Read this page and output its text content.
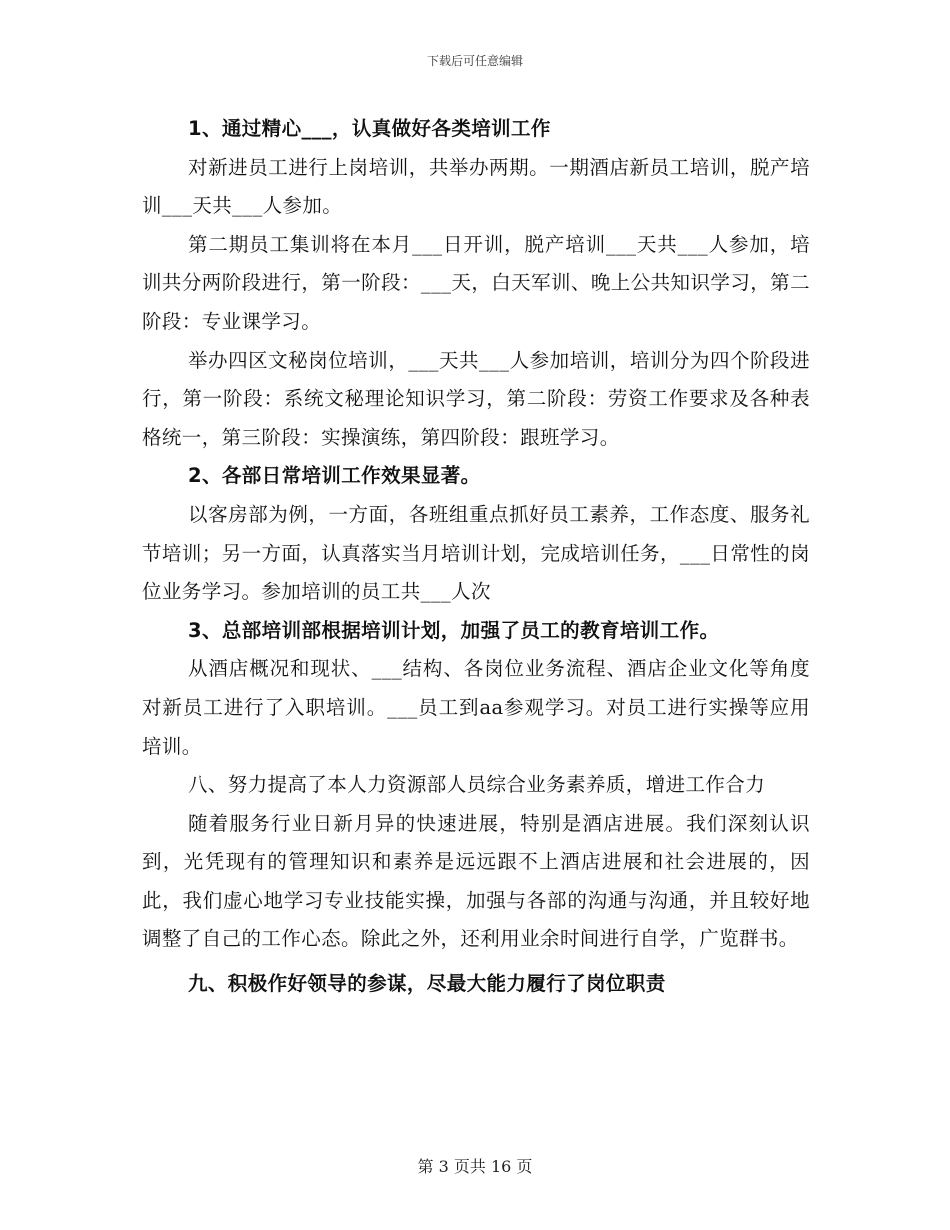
下载后可任意编辑

1、通过精心___，认真做好各类培训工作

对新进员工进行上岗培训，共举办两期。一期酒店新员工培训，脱产培训___天共___人参加。

第二期员工集训将在本月___日开训，脱产培训___天共___人参加，培训共分两阶段进行，第一阶段：___天，白天军训、晚上公共知识学习，第二阶段：专业课学习。

举办四区文秘岗位培训，___天共___人参加培训，培训分为四个阶段进行，第一阶段：系统文秘理论知识学习，第二阶段：劳资工作要求及各种表格统一，第三阶段：实操演练，第四阶段：跟班学习。

2、各部日常培训工作效果显著。

以客房部为例，一方面，各班组重点抓好员工素养，工作态度、服务礼节培训；另一方面，认真落实当月培训计划，完成培训任务，___日常性的岗位业务学习。参加培训的员工共___人次

3、总部培训部根据培训计划，加强了员工的教育培训工作。

从酒店概况和现状、___结构、各岗位业务流程、酒店企业文化等角度对新员工进行了入职培训。___员工到aa参观学习。对员工进行实操等应用培训。

八、努力提高了本人力资源部人员综合业务素养质，增进工作合力

随着服务行业日新月异的快速进展，特别是酒店进展。我们深刻认识到，光凭现有的管理知识和素养是远远跟不上酒店进展和社会进展的，因此，我们虚心地学习专业技能实操，加强与各部的沟通与沟通，并且较好地调整了自己的工作心态。除此之外，还利用业余时间进行自学，广览群书。

九、积极作好领导的参谋，尽最大能力履行了岗位职责

第 3 页共 16 页
